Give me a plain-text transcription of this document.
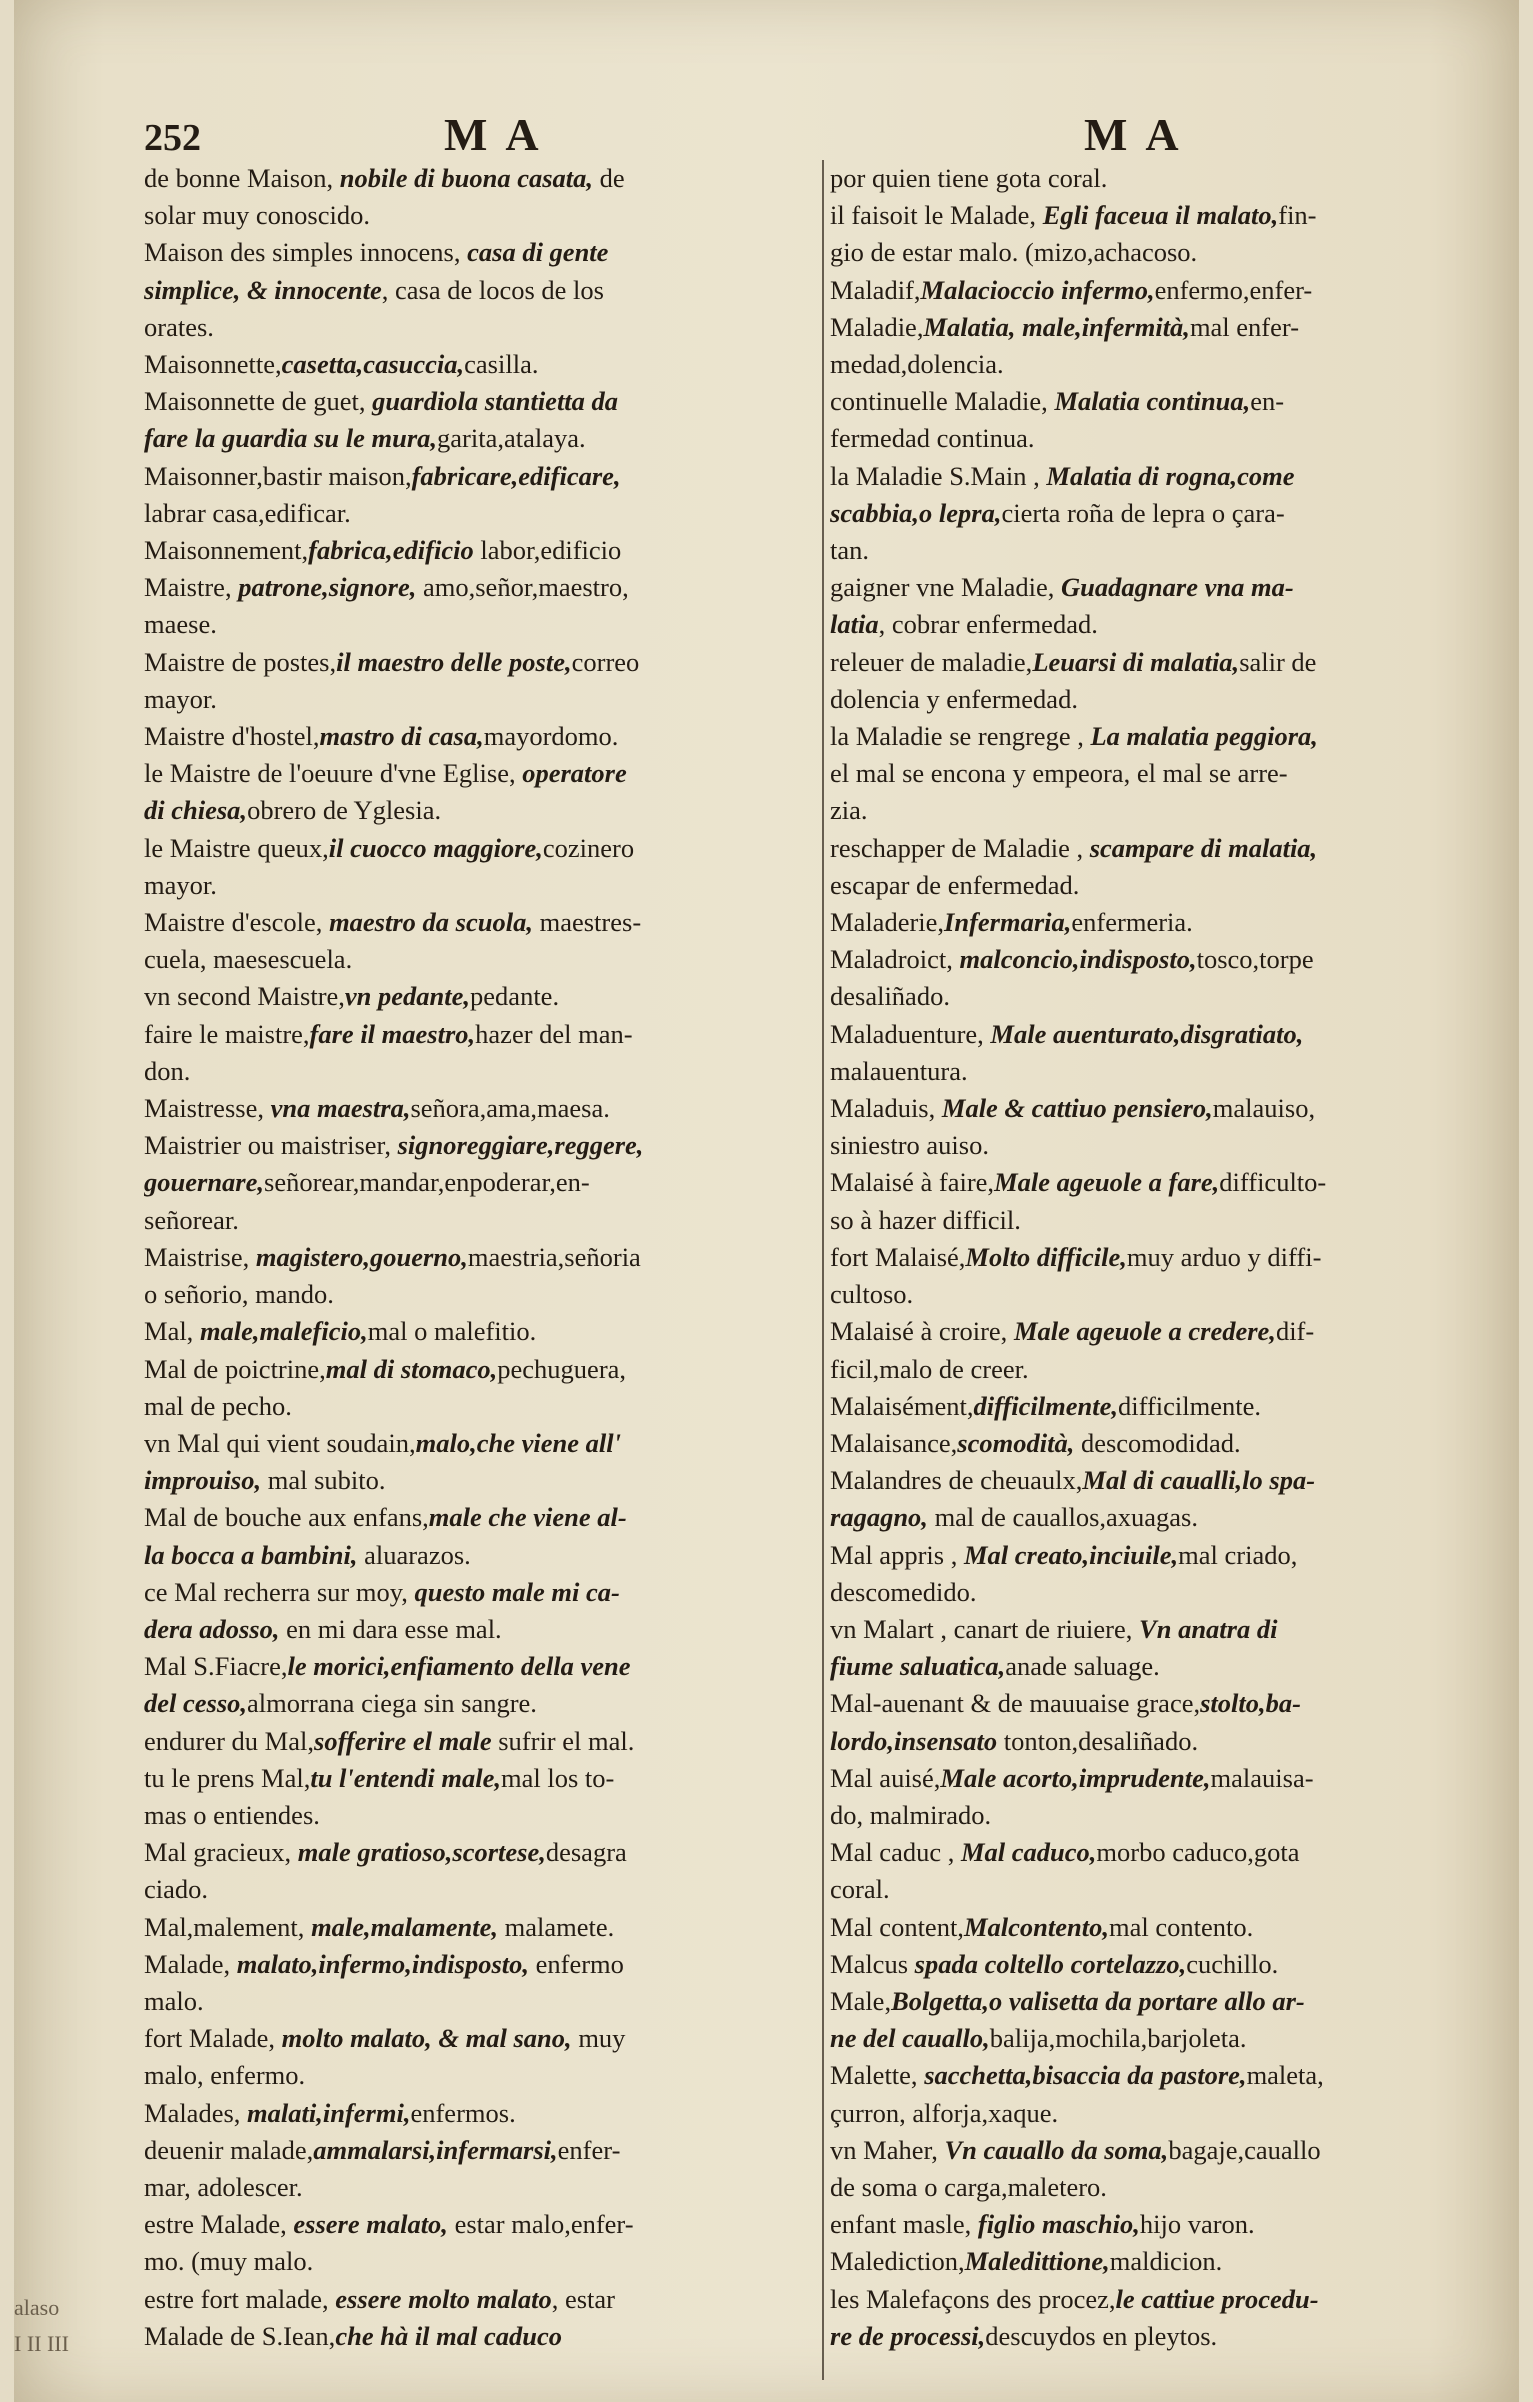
252	MA	MA
de bonne Maison, nobile di buona casata, de
solar muy conoscido.
Maison des simples innocens, casa di gente
simplice, & innocente, casa de locos de los
orates.
Maisonnette,casetta,casuccia,casilla.
Maisonnette de guet, guardiola stantietta da
fare la guardia su le mura,garita,atalaya.
Maisonner,bastir maison,fabricare,edificare,
labrar casa,edificar.
Maisonnement,fabrica,edificio labor,edificio
Maistre, patrone,signore, amo,señor,maestro,
maese.
Maistre de postes,il maestro delle poste,correo
mayor.
Maistre d'hostel,mastro di casa,mayordomo.
le Maistre de l'oeuure d'vne Eglise, operatore
di chiesa,obrero de Yglesia.
le Maistre queux,il cuocco maggiore,cozinero
mayor.
Maistre d'escole, maestro da scuola, maestres-
cuela, maesescuela.
vn second Maistre,vn pedante,pedante.
faire le maistre,fare il maestro,hazer del man-
don.
Maistresse, vna maestra,señora,ama,maesa.
Maistrier ou maistriser, signoreggiare,reggere,
gouernare,señorear,mandar,enpoderar,en-
señorear.
Maistrise, magistero,gouerno,maestria,señoria
o señorio, mando.
Mal, male,maleficio,mal o malefitio.
Mal de poictrine,mal di stomaco,pechuguera,
mal de pecho.
vn Mal qui vient soudain,malo,che viene all'
improuiso, mal subito.
Mal de bouche aux enfans,male che viene al-
la bocca a bambini, aluarazos.
ce Mal recherra sur moy, questo male mi ca-
dera adosso, en mi dara esse mal.
Mal S.Fiacre,le morici,enfiamento della vene
del cesso,almorrana ciega sin sangre.
endurer du Mal,sofferire el male sufrir el mal.
tu le prens Mal,tu l'entendi male,mal los to-
mas o entiendes.
Mal gracieux, male gratioso,scortese,desagra
ciado.
Mal,malement, male,malamente, malamete.
Malade, malato,infermo,indisposto, enfermo
malo.
fort Malade, molto malato, & mal sano, muy
malo, enfermo.
Malades, malati,infermi,enfermos.
deuenir malade,ammalarsi,infermarsi,enfer-
mar, adolescer.
estre Malade, essere malato, estar malo,enfer-
mo. (muy malo.
estre fort malade, essere molto malato, estar
Malade de S.Iean,che hà il mal caduco
por quien tiene gota coral.
il faisoit le Malade, Egli faceua il malato,fin-
gio de estar malo. (mizo,achacoso.
Maladif,Malacioccio infermo,enfermo,enfer-
Maladie,Malatia, male,infermità,mal enfer-
medad,dolencia.
continuelle Maladie, Malatia continua,en-
fermedad continua.
la Maladie S.Main , Malatia di rogna,come
scabbia,o lepra,cierta roña de lepra o çara-
tan.
gaigner vne Maladie, Guadagnare vna ma-
latia, cobrar enfermedad.
releuer de maladie,Leuarsi di malatia,salir de
dolencia y enfermedad.
la Maladie se rengrege , La malatia peggiora,
el mal se encona y empeora, el mal se arre-
zia.
reschapper de Maladie , scampare di malatia,
escapar de enfermedad.
Maladerie,Infermaria,enfermeria.
Maladroict, malconcio,indisposto,tosco,torpe
desaliñado.
Maladuenture, Male auenturato,disgratiato,
malauentura.
Maladuis, Male & cattiuo pensiero,malauiso,
siniestro auiso.
Malaisé à faire,Male ageuole a fare,difficulto-
so à hazer difficil.
fort Malaisé,Molto difficile,muy arduo y diffi-
cultoso.
Malaisé à croire, Male ageuole a credere,dif-
ficil,malo de creer.
Malaisément,difficilmente,difficilmente.
Malaisance,scomodità, descomodidad.
Malandres de cheuaulx,Mal di caualli,lo spa-
ragagno, mal de cauallos,axuagas.
Mal appris , Mal creato,inciuile,mal criado,
descomedido.
vn Malart , canart de riuiere, Vn anatra di
fiume saluatica,anade saluage.
Mal-auenant & de mauuaise grace,stolto,ba-
lordo,insensato tonton,desaliñado.
Mal auisé,Male acorto,imprudente,malauisa-
do, malmirado.
Mal caduc , Mal caduco,morbo caduco,gota
coral.
Mal content,Malcontento,mal contento.
Malcus spada coltello cortelazzo,cuchillo.
Male,Bolgetta,o valisetta da portare allo ar-
ne del cauallo,balija,mochila,barjoleta.
Malette, sacchetta,bisaccia da pastore,maleta,
çurron, alforja,xaque.
vn Maher, Vn cauallo da soma,bagaje,cauallo
de soma o carga,maletero.
enfant masle, figlio maschio,hijo varon.
Malediction,Maledittione,maldicion.
les Malefaçons des procez,le cattiue procedu-
re de processi,descuydos en pleytos.
alaso
I II III
